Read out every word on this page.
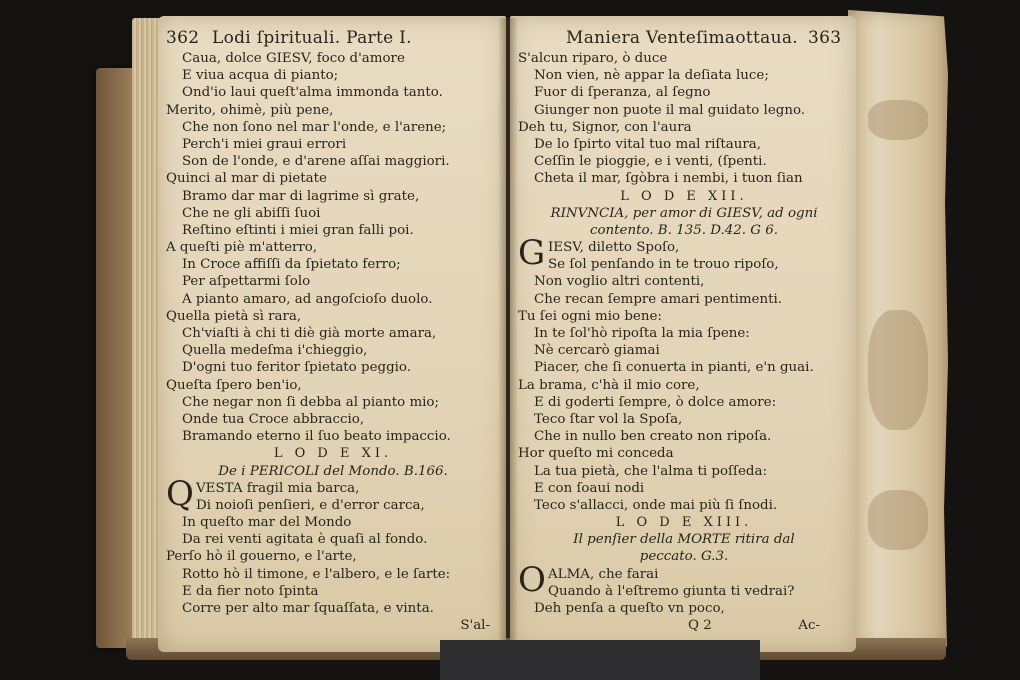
362 Lodi ſpirituali. Parte I.
Caua, dolce GIESV, foco d'amore
E viua acqua di pianto;
Ond'io laui queſt'alma immonda tanto.
Merito, ohimè, più pene,
Che non ſono nel mar l'onde, e l'arene;
Perch'i miei graui errori
Son de l'onde, e d'arene aſſai maggiori.
Quinci al mar di pietate
Bramo dar mar di lagrime sì grate,
Che ne gli abiſſi ſuoi
Reſtino eſtinti i miei gran falli poi.
A queſti piè m'atterro,
In Croce affiſſi da ſpietato ferro;
Per aſpettarmi ſolo
A pianto amaro, ad angoſcioſo duolo.
Quella pietà sì rara,
Ch'viaſti à chi ti diè già morte amara,
Quella medeſma i'chieggio,
D'ogni tuo feritor ſpietato peggio.
Queſta ſpero ben'io,
Che negar non ſi debba al pianto mio;
Onde tua Croce abbraccio,
Bramando eterno il ſuo beato impaccio.
L O D E XI.
De i PERICOLI del Mondo. B.166.
Q VESTA fragil mia barca,
Di noioſi penſieri, e d'error carca,
In queſto mar del Mondo
Da rei venti agitata è quaſi al fondo.
Perſo hò il gouerno, e l'arte,
Rotto hò il timone, e l'albero, e le ſarte:
E da fier noto ſpinta
Corre per alto mar ſquaſſata, e vinta.
S'al-
Maniera Venteſimaottaua. 363
S'alcun riparo, ò duce
Non vien, nè appar la deſiata luce;
Fuor di ſperanza, al ſegno
Giunger non puote il mal guidato legno.
Deh tu, Signor, con l'aura
De lo ſpirto vital tuo mal riſtaura,
Ceſſin le pioggie, e i venti, (ſpenti.
Cheta il mar, ſgòbra i nembi, i tuon ſian
L O D E XII.
RINVNCIA, per amor di GIESV, ad ogni
contento. B. 135. D.42. G 6.
G IESV, diletto Spoſo,
Se ſol penſando in te trouo ripoſo,
Non voglio altri contenti,
Che recan ſempre amari pentimenti.
Tu ſei ogni mio bene:
In te ſol'hò ripoſta la mia ſpene:
Nè cercarò giamai
Piacer, che ſi conuerta in pianti, e'n guai.
La brama, c'hà il mio core,
E di goderti ſempre, ò dolce amore:
Teco ſtar vol la Spoſa,
Che in nullo ben creato non ripoſa.
Hor queſto mi conceda
La tua pietà, che l'alma ti poſſeda:
E con ſoaui nodi
Teco s'allacci, onde mai più ſi ſnodi.
L O D E XIII.
Il penſier della MORTE ritira dal
peccato. G.3.
O ALMA, che farai
Quando à l'eſtremo giunta ti vedrai?
Deh penſa a queſto vn poco,
Q 2	Ac-
